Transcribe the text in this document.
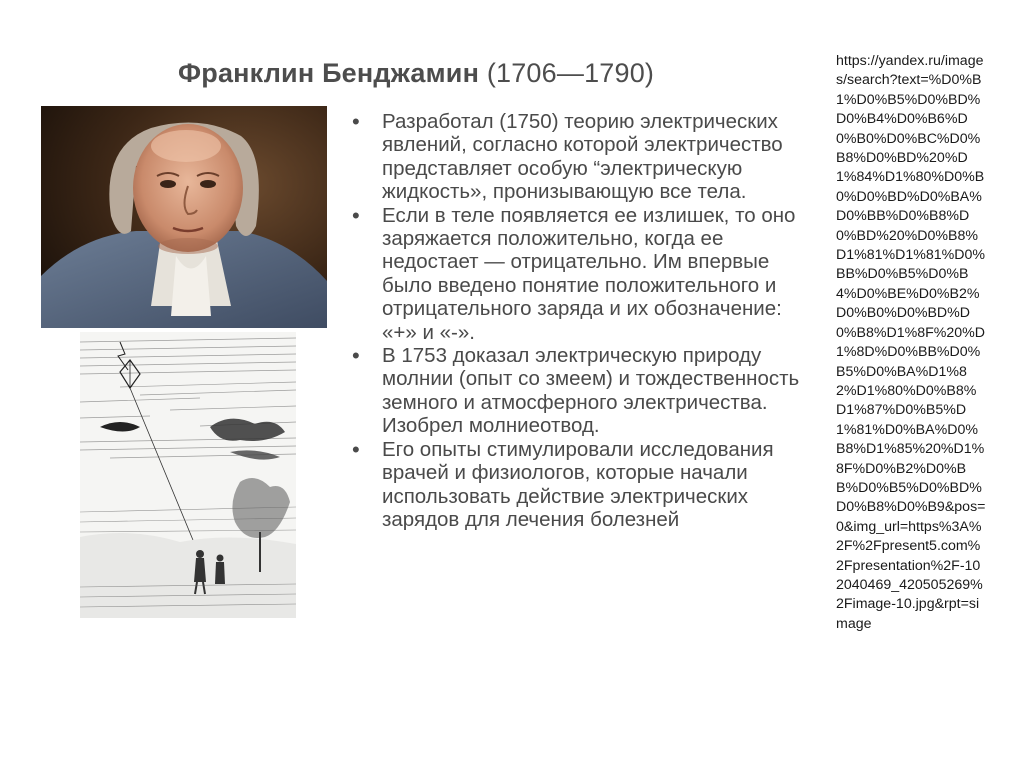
Франклин Бенджамин (1706—1790)
• Разработал (1750) теорию электрических явлений, согласно которой электричество представляет особую “электрическую жидкость», пронизывающую все тела.
• Если в теле появляется ее излишек, то оно заряжается положительно, когда ее недостает — отрицательно. Им впервые было введено понятие положительного и отрицательного заряда и их обозначение: «+» и «-».
• В 1753 доказал электрическую природу молнии (опыт со змеем) и тождественность земного и атмосферного электричества. Изобрел молниеотвод.
• Его опыты стимулировали исследования врачей и физиологов, которые начали использовать действие электрических зарядов для лечения болезней
https://yandex.ru/images/search?text=%D0%B1%D0%B5%D0%BD%D0%B4%D0%B6%D0%B0%D0%BC%D0%B8%D0%BD%20%D1%84%D1%80%D0%B0%D0%BD%D0%BA%D0%BB%D0%B8%D0%BD%20%D0%B8%D1%81%D1%81%D0%BB%D0%B5%D0%B4%D0%BE%D0%B2%D0%B0%D0%BD%D0%B8%D1%8F%20%D1%8D%D0%BB%D0%B5%D0%BA%D1%82%D1%80%D0%B8%D1%87%D0%B5%D1%81%D0%BA%D0%B8%D1%85%20%D1%8F%D0%B2%D0%BB%D0%B5%D0%BD%D0%B8%D0%B9&pos=0&img_url=https%3A%2F%2Fpresent5.com%2Fpresentation%2F-102040469_420505269%2Fimage-10.jpg&rpt=simage
